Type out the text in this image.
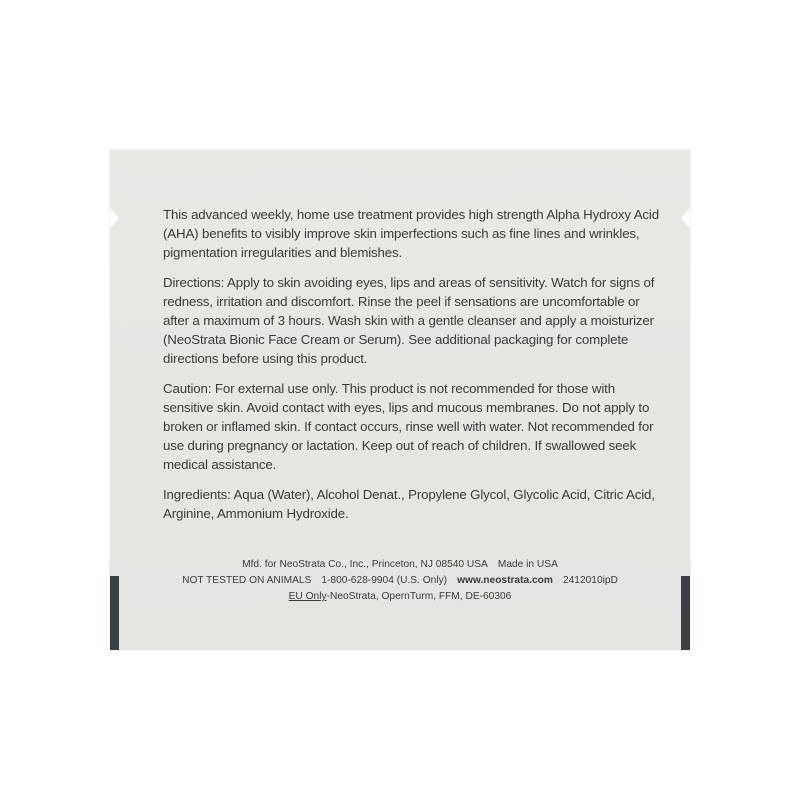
This advanced weekly, home use treatment provides high strength Alpha Hydroxy Acid (AHA) benefits to visibly improve skin imperfections such as fine lines and wrinkles, pigmentation irregularities and blemishes.

Directions: Apply to skin avoiding eyes, lips and areas of sensitivity. Watch for signs of redness, irritation and discomfort. Rinse the peel if sensations are uncomfortable or after a maximum of 3 hours. Wash skin with a gentle cleanser and apply a moisturizer (NeoStrata Bionic Face Cream or Serum). See additional packaging for complete directions before using this product.

Caution: For external use only. This product is not recommended for those with sensitive skin. Avoid contact with eyes, lips and mucous membranes. Do not apply to broken or inflamed skin. If contact occurs, rinse well with water. Not recommended for use during pregnancy or lactation. Keep out of reach of children. If swallowed seek medical assistance.

Ingredients: Aqua (Water), Alcohol Denat., Propylene Glycol, Glycolic Acid, Citric Acid, Arginine, Ammonium Hydroxide.

Mfd. for NeoStrata Co., Inc., Princeton, NJ 08540 USA Made in USA
NOT TESTED ON ANIMALS 1-800-628-9904 (U.S. Only) www.neostrata.com 2412010ipD
EU Only-NeoStrata, OpernTurm, FFM, DE-60306
